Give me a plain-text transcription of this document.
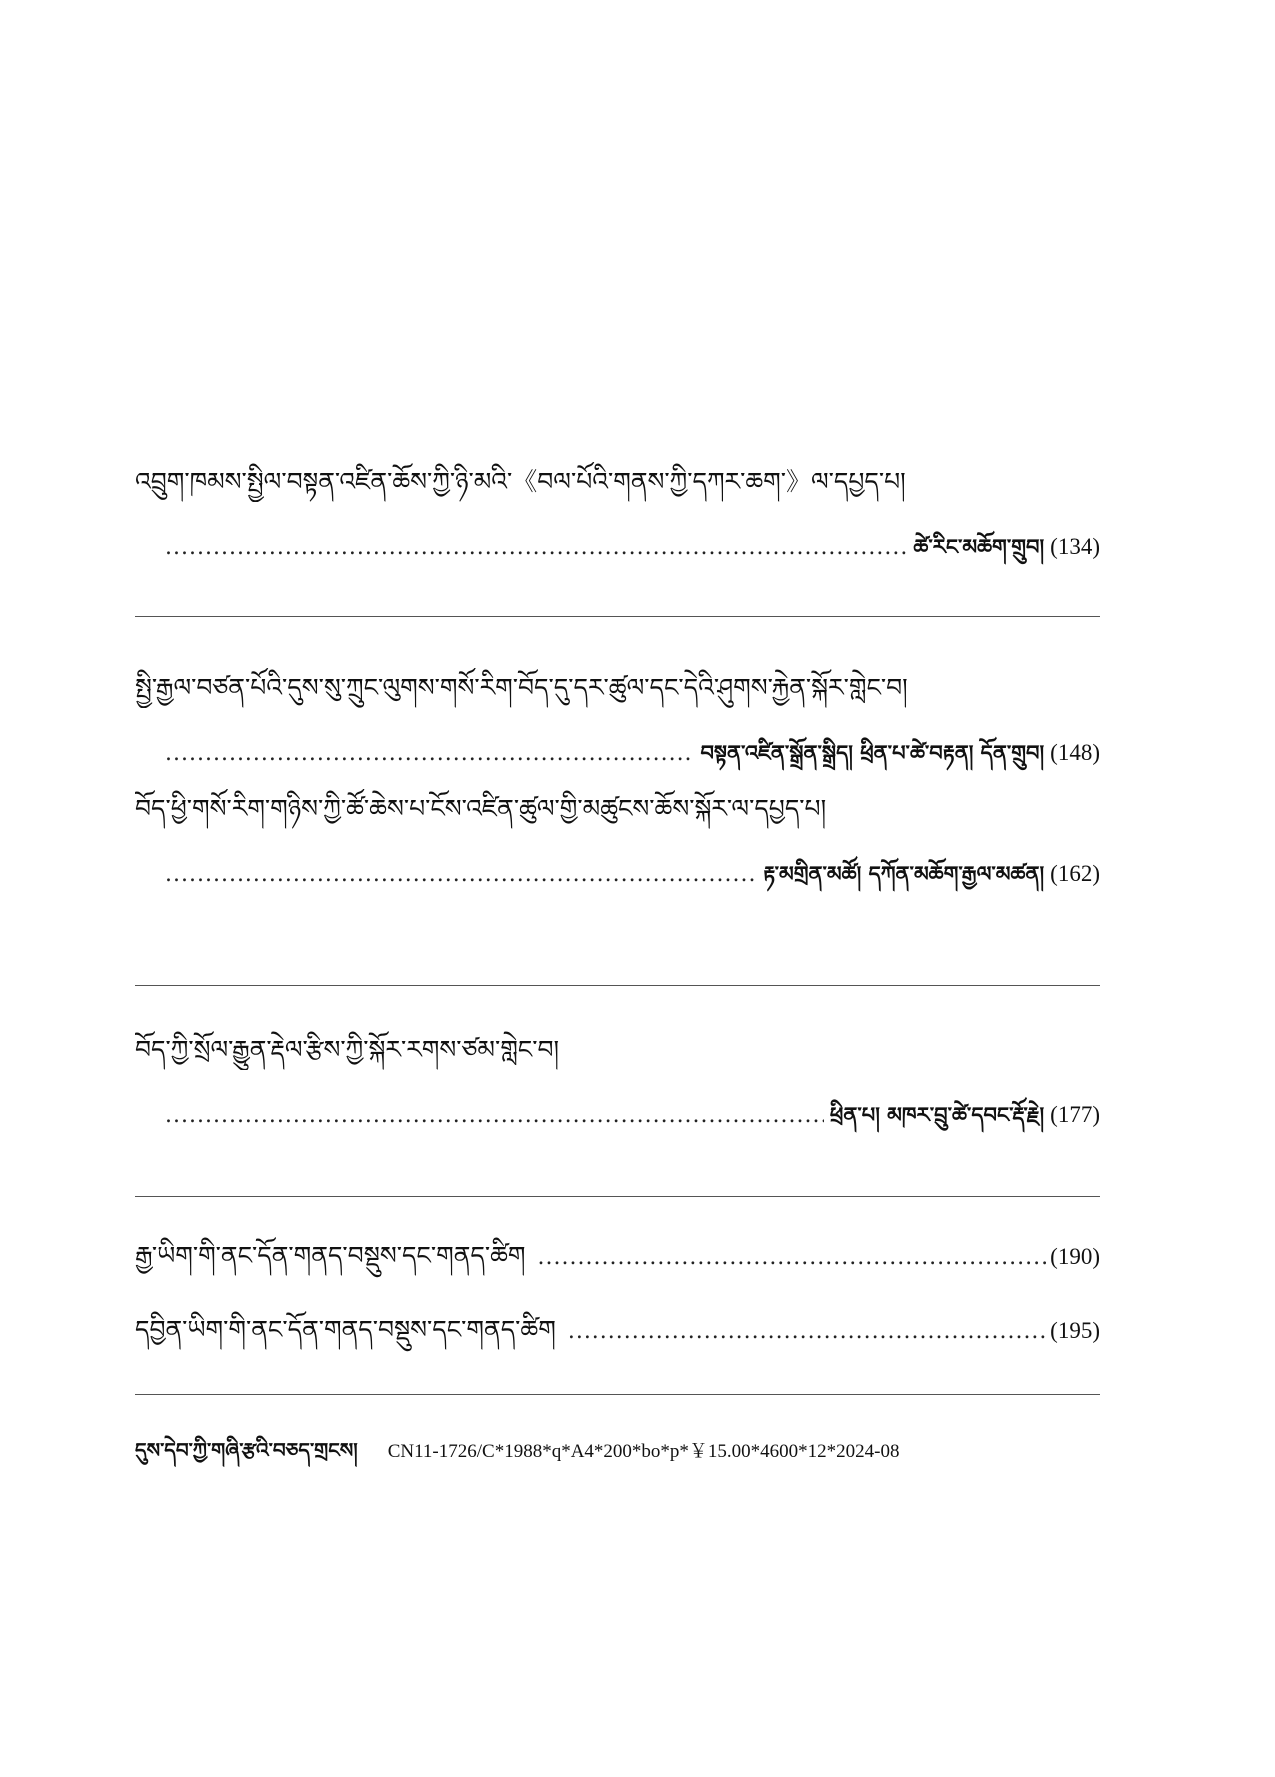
འབྲུག་ཁམས་སྤྱིལ་བསྟན་འཛིན་ཆོས་ཀྱི་ཉི་མའི་《བལ་པོའི་གནས་ཀྱི་དཀར་ཆག་》ལ་དཔྱད་པ།
.....
ཚེ་རིང་མཆོག་གྲུབ། (134)
སྤྱི་རྒྱལ་བཙན་པོའི་དུས་སུ་ཀྲུང་ལུགས་གསོ་རིག་བོད་དུ་དར་ཚུལ་དང་དེའི་ཤུགས་རྐྱེན་སྐོར་གླེང་བ།
.....
བསྟན་འཛིན་སྒྲོན་སྒྲིད། ཕྲིན་པ་ཚེ་བརྟན། དོན་གྲུབ། (148)
བོད་ཕྱི་གསོ་རིག་གཉིས་ཀྱི་ཚོ་ཆེས་པ་ངོས་འཛིན་ཚུལ་གྱི་མཚུངས་ཆོས་སྐོར་ལ་དཔྱད་པ།
.....
རྟ་མགྲིན་མཚོ། དཀོན་མཆོག་རྒྱལ་མཚན། (162)
བོད་ཀྱི་སྲོལ་རྒྱུན་རྡེལ་རྩིས་ཀྱི་སྐོར་རགས་ཙམ་གླེང་བ།
.....
ཕྲིན་པ། མཁར་བྲུ་ཚེ་དབང་རྡོ་རྗེ། (177)
རྒྱ་ཡིག་གི་ནང་དོན་གནད་བསྡུས་དང་གནད་ཚིག .....	(190)
དབྱིན་ཡིག་གི་ནང་དོན་གནད་བསྡུས་དང་གནད་ཚིག .....	(195)
དུས་དེབ་ཀྱི་གཞི་རྩའི་བཅད་གྲངས། CN11-1726/C*1988*q*A4*200*bo*p*￥15.00*4600*12*2024-08
